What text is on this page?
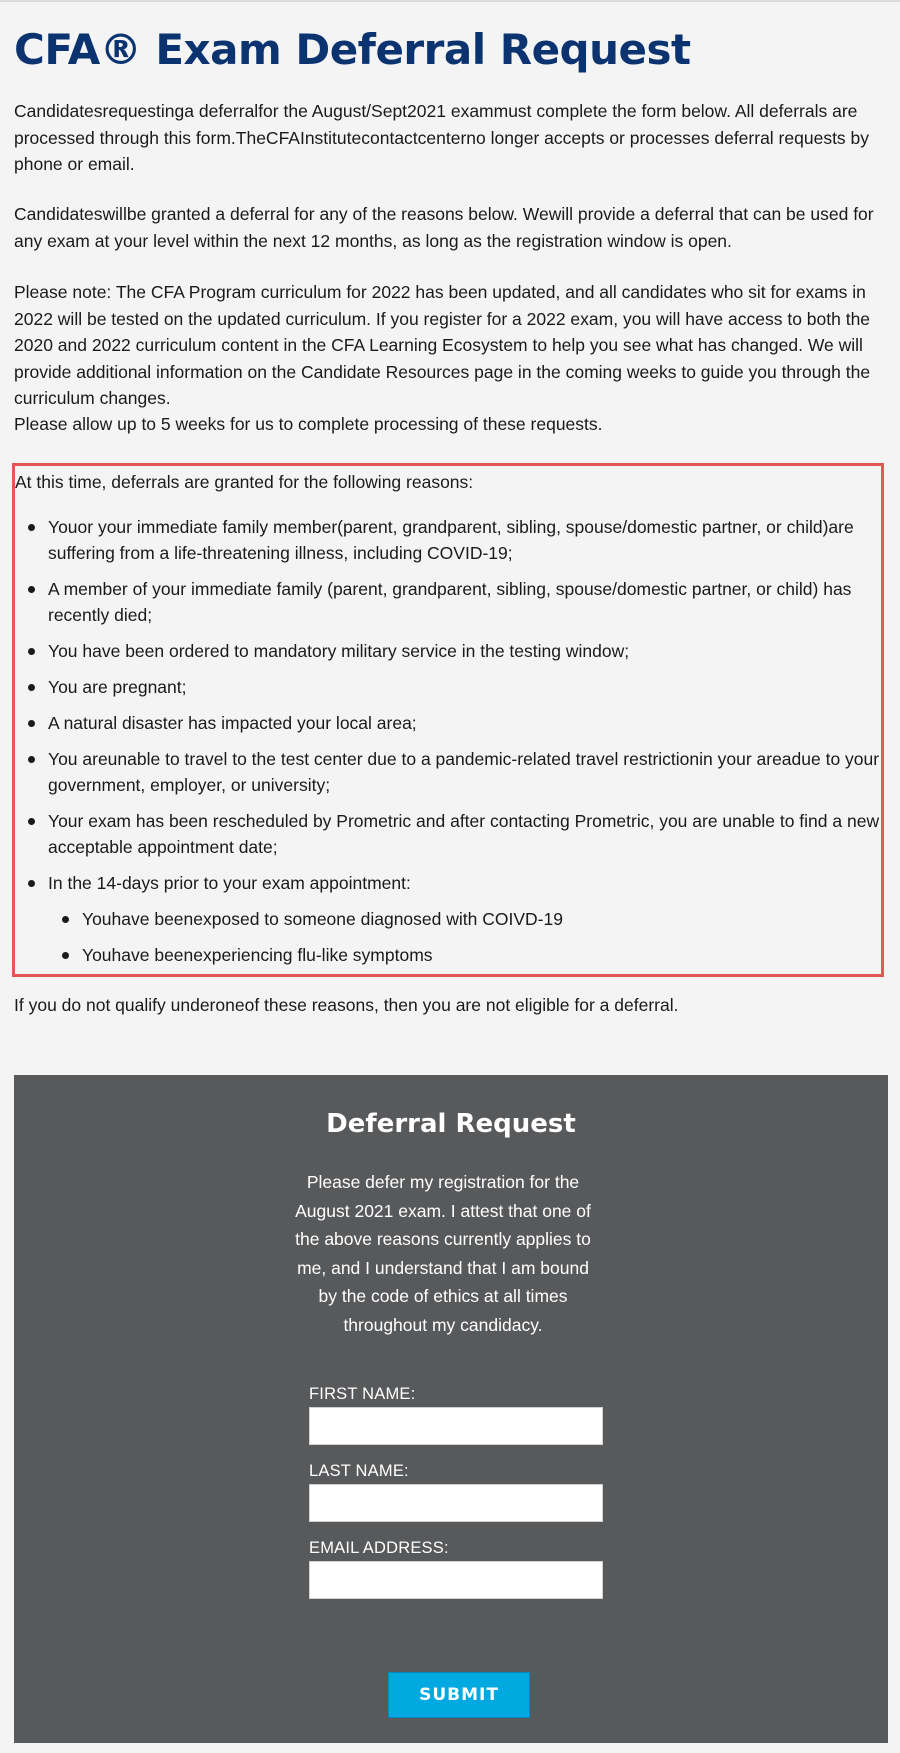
CFA® Exam Deferral Request

Candidatesrequestinga deferralfor the August/Sept2021 exammust complete the form below. All deferrals are processed through this form.TheCFAInstitutecontactcenterno longer accepts or processes deferral requests by phone or email.

Candidateswillbe granted a deferral for any of the reasons below. Wewill provide a deferral that can be used for any exam at your level within the next 12 months, as long as the registration window is open.

Please note: The CFA Program curriculum for 2022 has been updated, and all candidates who sit for exams in 2022 will be tested on the updated curriculum. If you register for a 2022 exam, you will have access to both the 2020 and 2022 curriculum content in the CFA Learning Ecosystem to help you see what has changed. We will provide additional information on the Candidate Resources page in the coming weeks to guide you through the curriculum changes.

Please allow up to 5 weeks for us to complete processing of these requests.

At this time, deferrals are granted for the following reasons:

Youor your immediate family member(parent, grandparent, sibling, spouse/domestic partner, or child)are suffering from a life-threatening illness, including COVID-19;
A member of your immediate family (parent, grandparent, sibling, spouse/domestic partner, or child) has recently died;
You have been ordered to mandatory military service in the testing window;
You are pregnant;
A natural disaster has impacted your local area;
You areunable to travel to the test center due to a pandemic-related travel restrictionin your areadue to your government, employer, or university;
Your exam has been rescheduled by Prometric and after contacting Prometric, you are unable to find a new acceptable appointment date;
In the 14-days prior to your exam appointment:
Youhave beenexposed to someone diagnosed with COIVD-19
Youhave beenexperiencing flu-like symptoms

If you do not qualify underoneof these reasons, then you are not eligible for a deferral.

Deferral Request

Please defer my registration for the August 2021 exam. I attest that one of the above reasons currently applies to me, and I understand that I am bound by the code of ethics at all times throughout my candidacy.

FIRST NAME:
LAST NAME:
EMAIL ADDRESS:
SUBMIT
